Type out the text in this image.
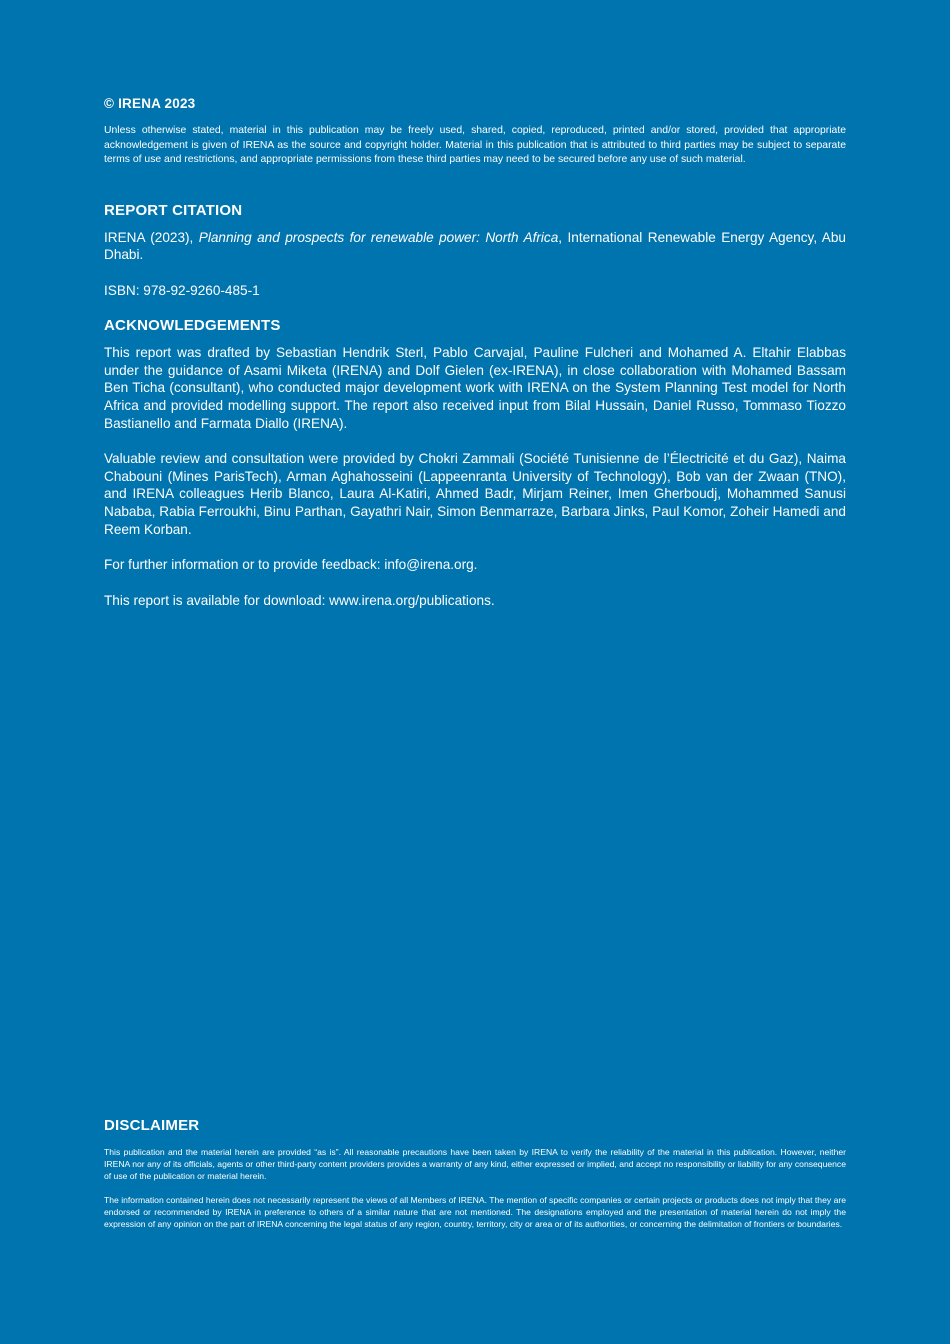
© IRENA 2023

Unless otherwise stated, material in this publication may be freely used, shared, copied, reproduced, printed and/or stored, provided that appropriate acknowledgement is given of IRENA as the source and copyright holder. Material in this publication that is attributed to third parties may be subject to separate terms of use and restrictions, and appropriate permissions from these third parties may need to be secured before any use of such material.

REPORT CITATION

IRENA (2023), Planning and prospects for renewable power: North Africa, International Renewable Energy Agency, Abu Dhabi.

ISBN: 978-92-9260-485-1

ACKNOWLEDGEMENTS

This report was drafted by Sebastian Hendrik Sterl, Pablo Carvajal, Pauline Fulcheri and Mohamed A. Eltahir Elabbas under the guidance of Asami Miketa (IRENA) and Dolf Gielen (ex-IRENA), in close collaboration with Mohamed Bassam Ben Ticha (consultant), who conducted major development work with IRENA on the System Planning Test model for North Africa and provided modelling support. The report also received input from Bilal Hussain, Daniel Russo, Tommaso Tiozzo Bastianello and Farmata Diallo (IRENA).

Valuable review and consultation were provided by Chokri Zammali (Société Tunisienne de l’Électricité et du Gaz), Naima Chabouni (Mines ParisTech), Arman Aghahosseini (Lappeenranta University of Technology), Bob van der Zwaan (TNO), and IRENA colleagues Herib Blanco, Laura Al-Katiri, Ahmed Badr, Mirjam Reiner, Imen Gherboudj, Mohammed Sanusi Nababa, Rabia Ferroukhi, Binu Parthan, Gayathri Nair, Simon Benmarraze, Barbara Jinks, Paul Komor, Zoheir Hamedi and Reem Korban.

For further information or to provide feedback: info@irena.org.

This report is available for download: www.irena.org/publications.

DISCLAIMER

This publication and the material herein are provided “as is”. All reasonable precautions have been taken by IRENA to verify the reliability of the material in this publication. However, neither IRENA nor any of its officials, agents or other third-party content providers provides a warranty of any kind, either expressed or implied, and accept no responsibility or liability for any consequence of use of the publication or material herein.

The information contained herein does not necessarily represent the views of all Members of IRENA. The mention of specific companies or certain projects or products does not imply that they are endorsed or recommended by IRENA in preference to others of a similar nature that are not mentioned. The designations employed and the presentation of material herein do not imply the expression of any opinion on the part of IRENA concerning the legal status of any region, country, territory, city or area or of its authorities, or concerning the delimitation of frontiers or boundaries.
